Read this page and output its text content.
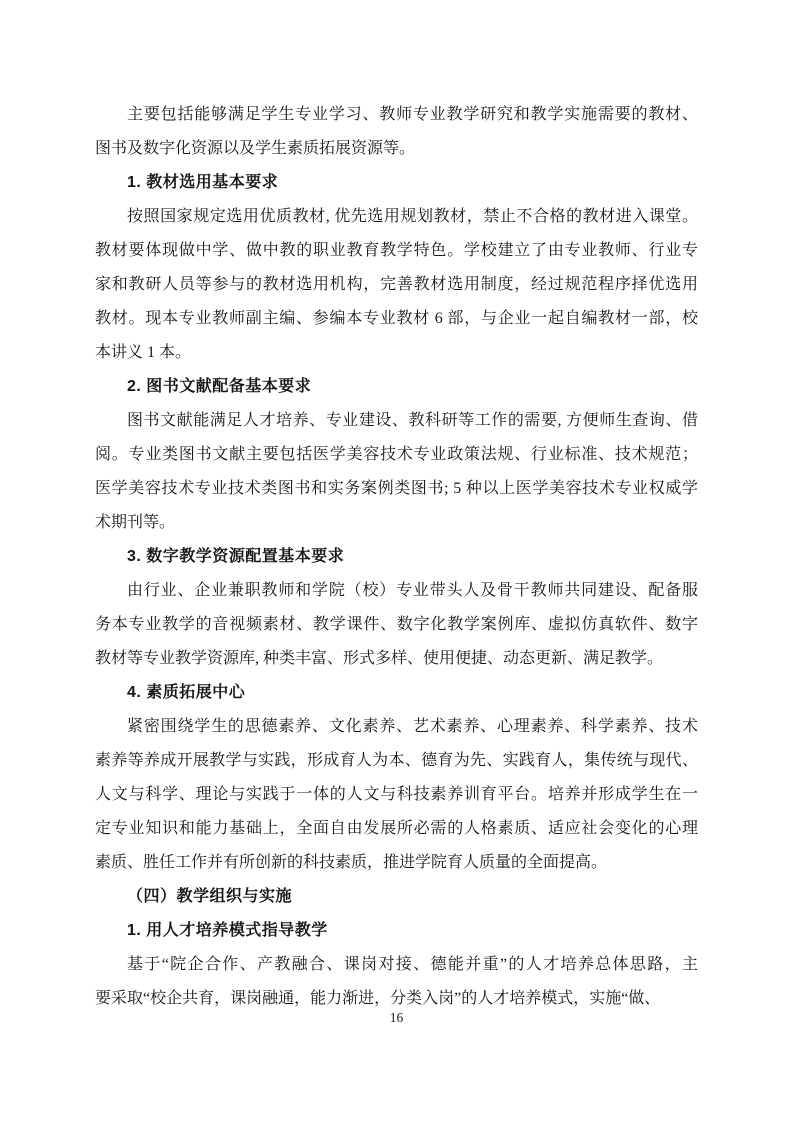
主要包括能够满足学生专业学习、教师专业教学研究和教学实施需要的教材、
图书及数字化资源以及学生素质拓展资源等。
1. 教材选用基本要求
按照国家规定选用优质教材, 优先选用规划教材，禁止不合格的教材进入课堂。
教材要体现做中学、做中教的职业教育教学特色。学校建立了由专业教师、行业专
家和教研人员等参与的教材选用机构，完善教材选用制度，经过规范程序择优选用
教材。现本专业教师副主编、参编本专业教材 6 部，与企业一起自编教材一部，校
本讲义 1 本。
2. 图书文献配备基本要求
图书文献能满足人才培养、专业建设、教科研等工作的需要, 方便师生查询、借
阅。专业类图书文献主要包括医学美容技术专业政策法规、行业标准、技术规范；
医学美容技术专业技术类图书和实务案例类图书; 5 种以上医学美容技术专业权威学
术期刊等。
3. 数字教学资源配置基本要求
由行业、企业兼职教师和学院（校）专业带头人及骨干教师共同建设、配备服
务本专业教学的音视频素材、教学课件、数字化教学案例库、虚拟仿真软件、数字
教材等专业教学资源库, 种类丰富、形式多样、使用便捷、动态更新、满足教学。
4. 素质拓展中心
紧密围绕学生的思德素养、文化素养、艺术素养、心理素养、科学素养、技术
素养等养成开展教学与实践，形成育人为本、德育为先、实践育人，集传统与现代、
人文与科学、理论与实践于一体的人文与科技素养训育平台。培养并形成学生在一
定专业知识和能力基础上，全面自由发展所必需的人格素质、适应社会变化的心理
素质、胜任工作并有所创新的科技素质，推进学院育人质量的全面提高。
（四）教学组织与实施
1. 用人才培养模式指导教学
基于“院企合作、产教融合、课岗对接、德能并重”的人才培养总体思路，主
要采取“校企共育，课岗融通，能力渐进，分类入岗”的人才培养模式，实施“做、
16
